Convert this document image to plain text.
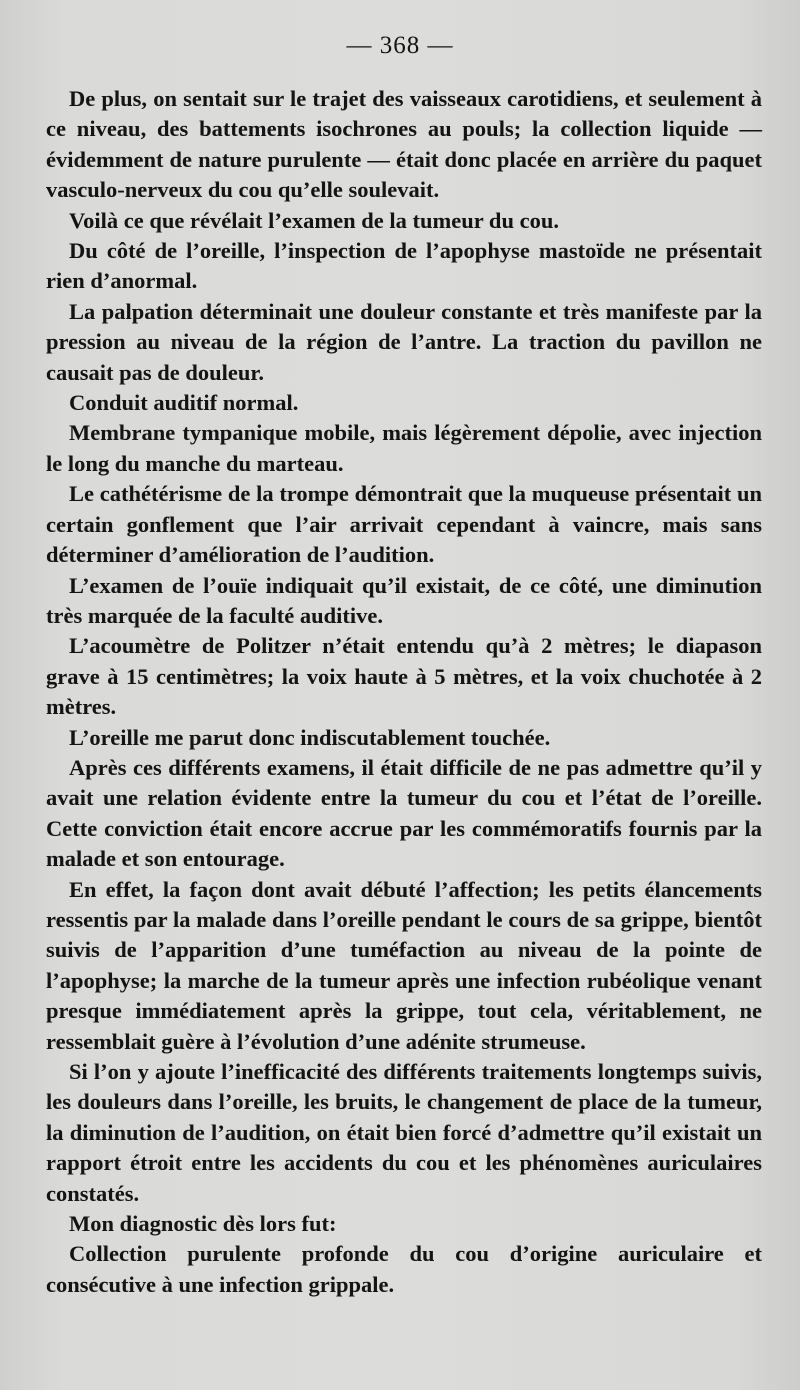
— 368 —

De plus, on sentait sur le trajet des vaisseaux carotidiens, et seulement à ce niveau, des battements isochrones au pouls; la collection liquide — évidemment de nature purulente — était donc placée en arrière du paquet vasculo-nerveux du cou qu’elle soulevait.

Voilà ce que révélait l’examen de la tumeur du cou.

Du côté de l’oreille, l’inspection de l’apophyse mastoïde ne présentait rien d’anormal.

La palpation déterminait une douleur constante et très manifeste par la pression au niveau de la région de l’antre. La traction du pavillon ne causait pas de douleur.

Conduit auditif normal.

Membrane tympanique mobile, mais légèrement dépolie, avec injection le long du manche du marteau.

Le cathétérisme de la trompe démontrait que la muqueuse présentait un certain gonflement que l’air arrivait cependant à vaincre, mais sans déterminer d’amélioration de l’audition.

L’examen de l’ouïe indiquait qu’il existait, de ce côté, une diminution très marquée de la faculté auditive.

L’acoumètre de Politzer n’était entendu qu’à 2 mètres; le diapason grave à 15 centimètres; la voix haute à 5 mètres, et la voix chuchotée à 2 mètres.

L’oreille me parut donc indiscutablement touchée.

Après ces différents examens, il était difficile de ne pas admettre qu’il y avait une relation évidente entre la tumeur du cou et l’état de l’oreille. Cette conviction était encore accrue par les commémoratifs fournis par la malade et son entourage.

En effet, la façon dont avait débuté l’affection; les petits élancements ressentis par la malade dans l’oreille pendant le cours de sa grippe, bientôt suivis de l’apparition d’une tuméfaction au niveau de la pointe de l’apophyse; la marche de la tumeur après une infection rubéolique venant presque immédiatement après la grippe, tout cela, véritablement, ne ressemblait guère à l’évolution d’une adénite strumeuse.

Si l’on y ajoute l’inefficacité des différents traitements longtemps suivis, les douleurs dans l’oreille, les bruits, le changement de place de la tumeur, la diminution de l’audition, on était bien forcé d’admettre qu’il existait un rapport étroit entre les accidents du cou et les phénomènes auriculaires constatés.

Mon diagnostic dès lors fut:

Collection purulente profonde du cou d’origine auriculaire et consécutive à une infection grippale.
